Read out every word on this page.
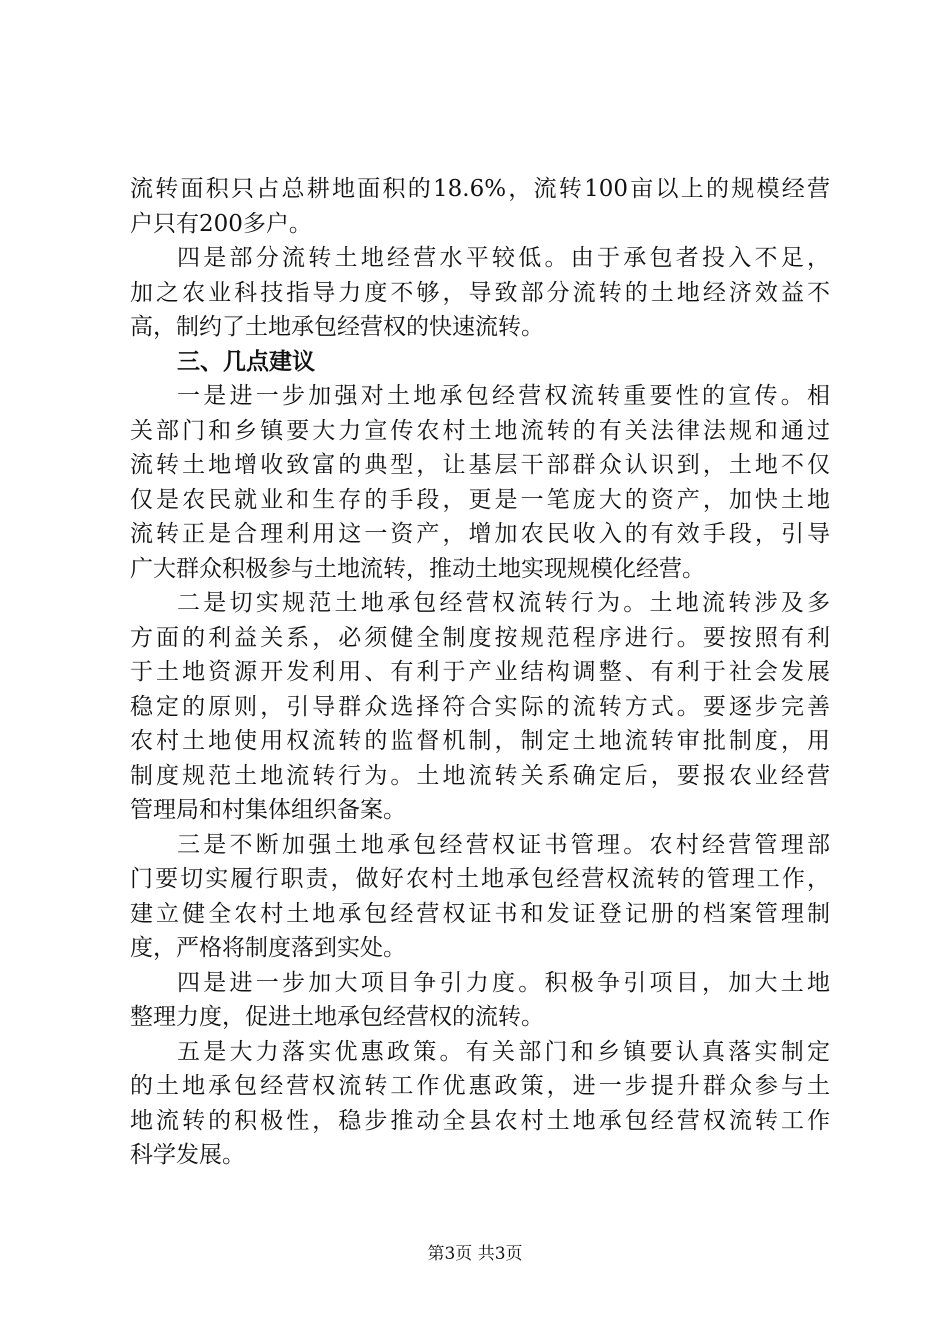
流转面积只占总耕地面积的18.6%，流转100亩以上的规模经营
户只有200多户。
四是部分流转土地经营水平较低。由于承包者投入不足，
加之农业科技指导力度不够，导致部分流转的土地经济效益不
高，制约了土地承包经营权的快速流转。
三、几点建议
一是进一步加强对土地承包经营权流转重要性的宣传。相
关部门和乡镇要大力宣传农村土地流转的有关法律法规和通过
流转土地增收致富的典型，让基层干部群众认识到，土地不仅
仅是农民就业和生存的手段，更是一笔庞大的资产，加快土地
流转正是合理利用这一资产，增加农民收入的有效手段，引导
广大群众积极参与土地流转，推动土地实现规模化经营。
二是切实规范土地承包经营权流转行为。土地流转涉及多
方面的利益关系，必须健全制度按规范程序进行。要按照有利
于土地资源开发利用、有利于产业结构调整、有利于社会发展
稳定的原则，引导群众选择符合实际的流转方式。要逐步完善
农村土地使用权流转的监督机制，制定土地流转审批制度，用
制度规范土地流转行为。土地流转关系确定后，要报农业经营
管理局和村集体组织备案。
三是不断加强土地承包经营权证书管理。农村经营管理部
门要切实履行职责，做好农村土地承包经营权流转的管理工作，
建立健全农村土地承包经营权证书和发证登记册的档案管理制
度，严格将制度落到实处。
四是进一步加大项目争引力度。积极争引项目，加大土地
整理力度，促进土地承包经营权的流转。
五是大力落实优惠政策。有关部门和乡镇要认真落实制定
的土地承包经营权流转工作优惠政策，进一步提升群众参与土
地流转的积极性，稳步推动全县农村土地承包经营权流转工作
科学发展。
第3页 共3页
